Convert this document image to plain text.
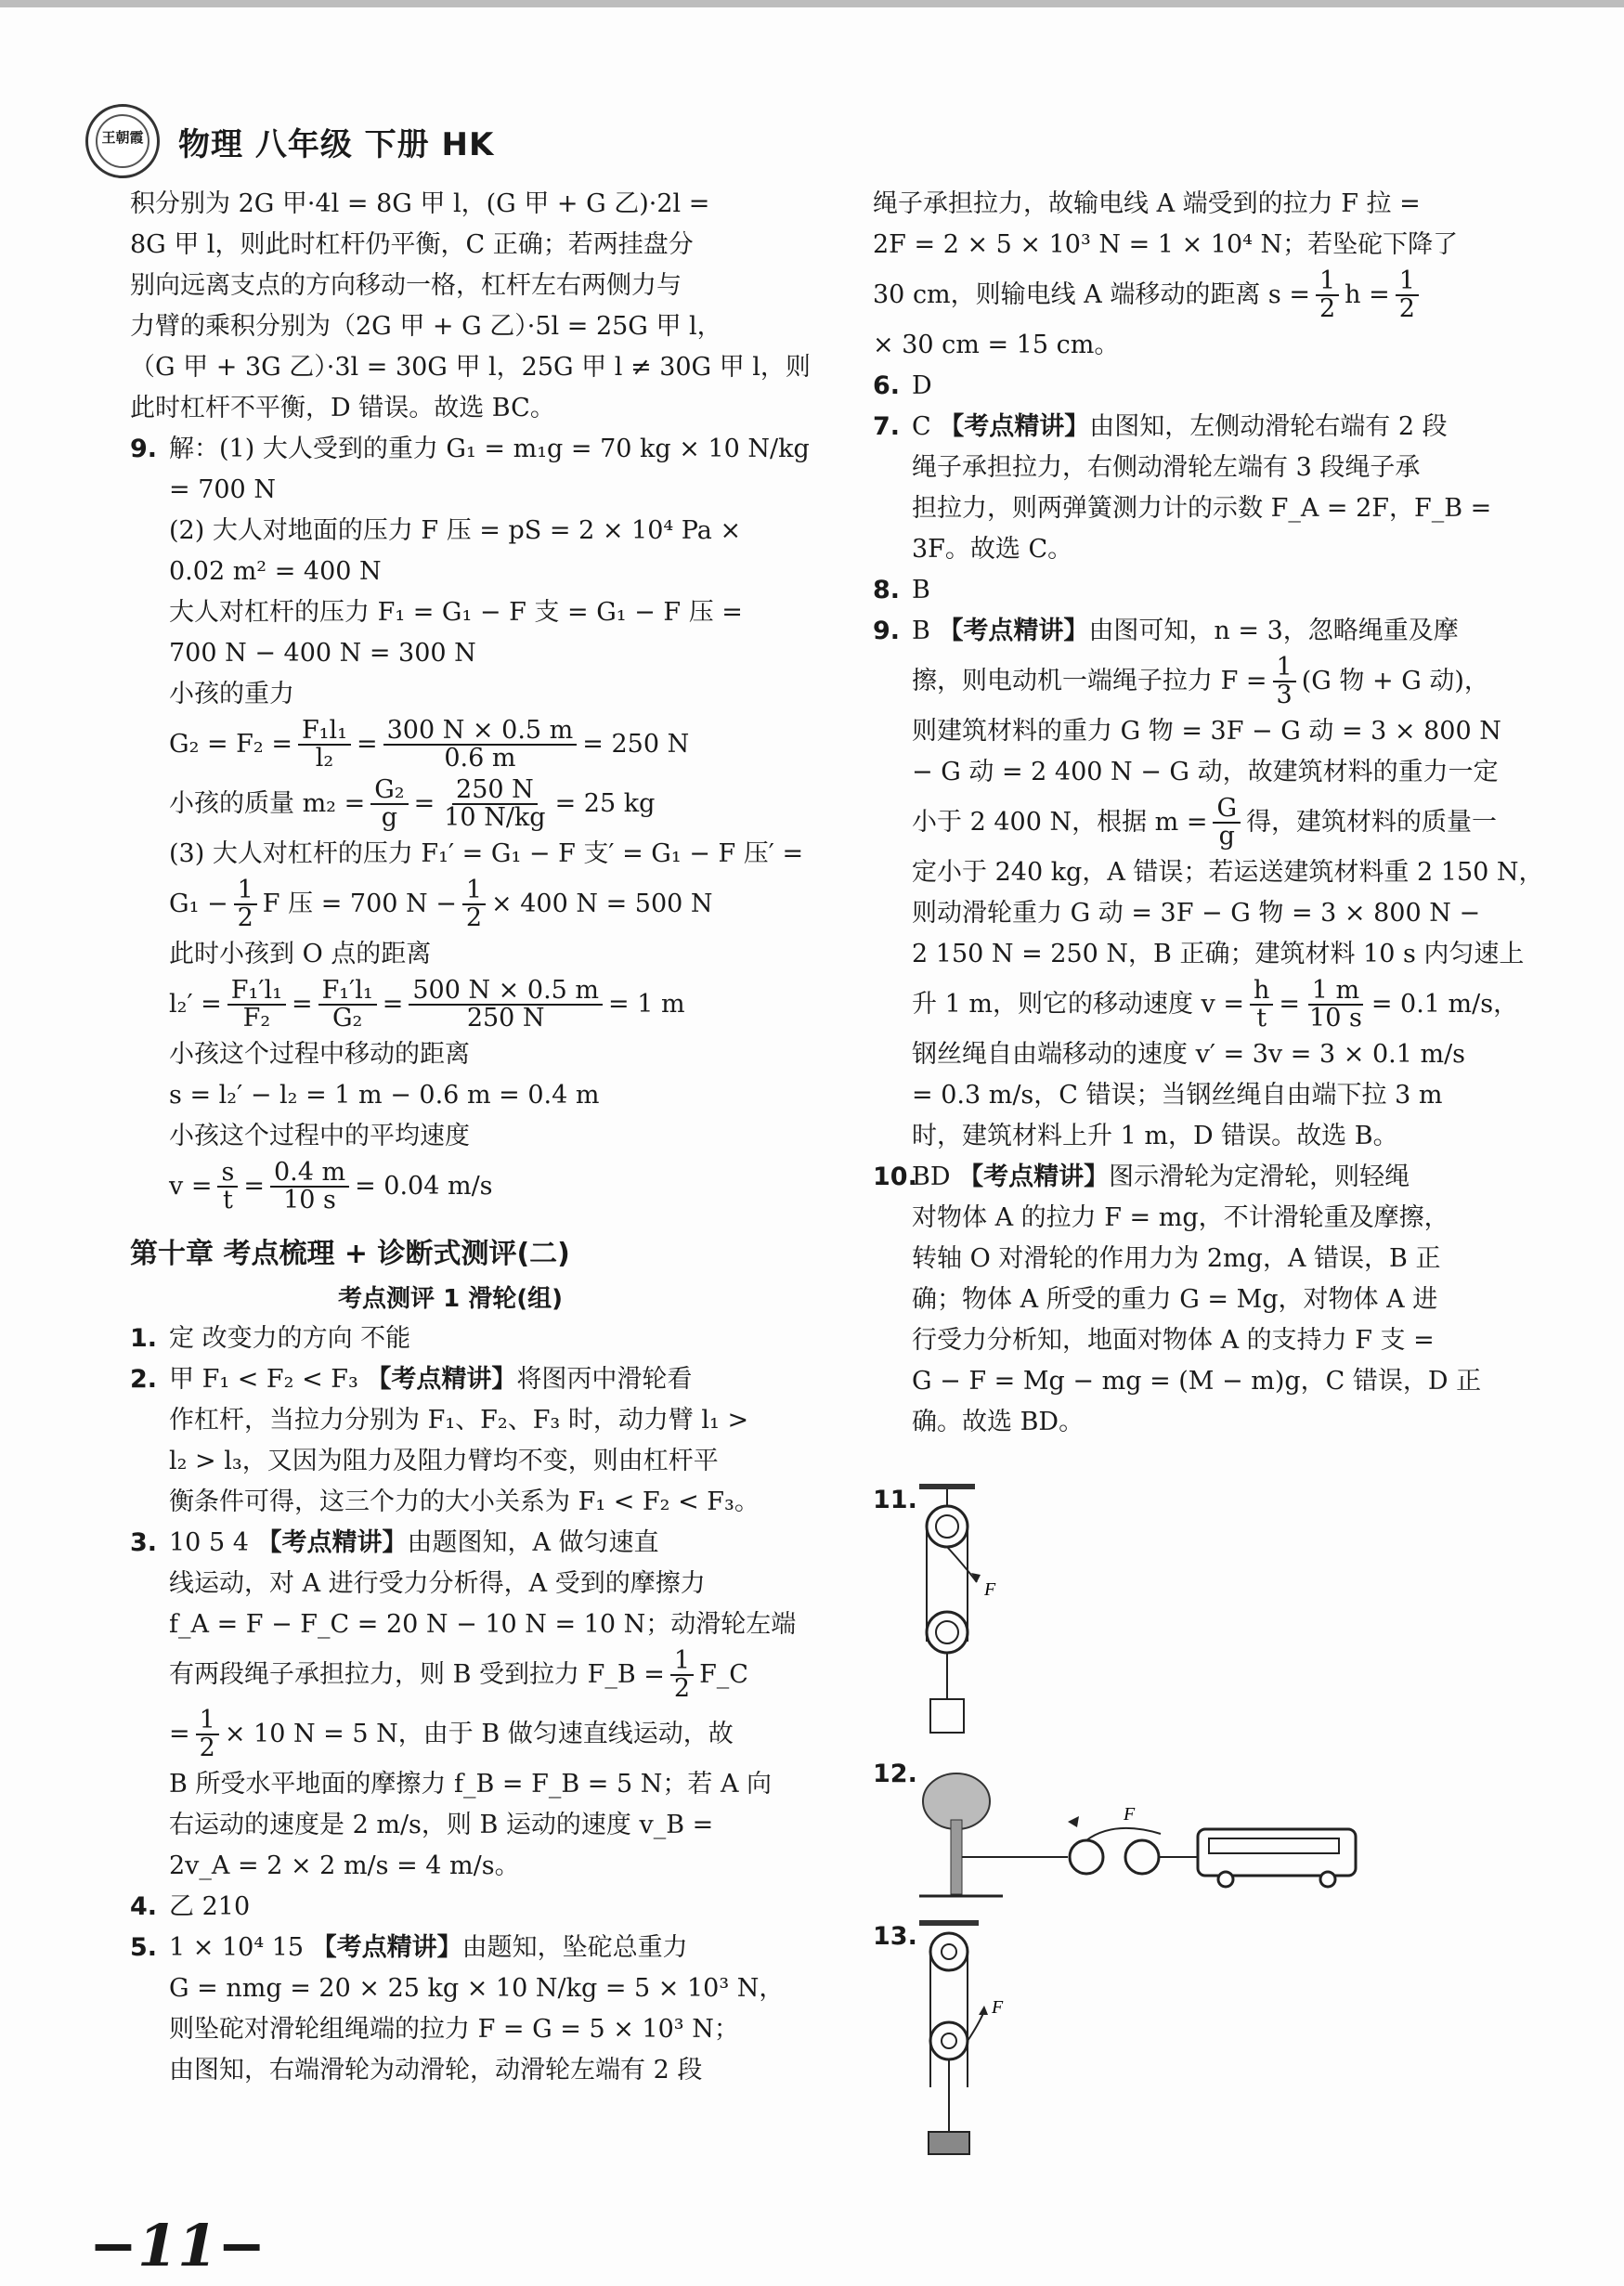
王朝霞	物理 八年级 下册 HK
积分别为 2G 甲·4l = 8G 甲 l，(G 甲 + G 乙)·2l =
8G 甲 l，则此时杠杆仍平衡，C 正确；若两挂盘分
别向远离支点的方向移动一格，杠杆左右两侧力与
力臂的乘积分别为（2G 甲 + G 乙）·5l = 25G 甲 l，
（G 甲 + 3G 乙）·3l = 30G 甲 l，25G 甲 l ≠ 30G 甲 l，则
此时杠杆不平衡，D 错误。故选 BC。
9. 解：(1) 大人受到的重力 G₁ = m₁g = 70 kg × 10 N/kg
= 700 N
(2) 大人对地面的压力 F 压 = pS = 2 × 10⁴ Pa ×
0.02 m² = 400 N
大人对杠杆的压力 F₁ = G₁ − F 支 = G₁ − F 压 =
700 N − 400 N = 300 N
小孩的重力
$G_2 = F_2 = \frac{\text{F₁l₁}}{\text{l₂}} = \frac{300 N \times 0.5 m}{0.6 m} = 250$ N
小孩的质量 $m_2 = \frac{\text{G₂}}{g} = \frac{250 N}{10 N/kg} = 25$ kg
(3) 大人对杠杆的压力 F₁′ = G₁ − F 支′ = G₁ − F 压′ =
$G_1 - \frac{1}{2}$ F 压 = 700 $N - \frac{1}{2} \times 400$ N = 500 N
此时小孩到 O 点的距离
$l_2' = \frac{\text{F₁′l₁}}{\text{F₂}} = \frac{\text{F₁′l₁}}{\text{G₂}} = \frac{500 N \times 0.5 m}{250 N} = 1$ m
小孩这个过程中移动的距离
s = l₂′ − l₂ = 1 m − 0.6 m = 0.4 m
小孩这个过程中的平均速度
$v = \frac{s}{t} = \frac{0.4 m}{10 s} = 0.04$ m/s
第十章 考点梳理 + 诊断式测评(二)
考点测评 1 滑轮(组)
1. 定 改变力的方向 不能
2. 甲 F₁ < F₂ < F₃ 【考点精讲】将图丙中滑轮看
作杠杆，当拉力分别为 F₁、F₂、F₃ 时，动力臂 l₁ >
l₂ > l₃，又因为阻力及阻力臂均不变，则由杠杆平
衡条件可得，这三个力的大小关系为 F₁ < F₂ < F₃。
3. 10 5 4 【考点精讲】由题图知，A 做匀速直
线运动，对 A 进行受力分析得，A 受到的摩擦力
f_A = F − F_C = 20 N − 10 N = 10 N；动滑轮左端
有两段绳子承担拉力，则 B 受到拉力 F_B = $\frac{1}{2}$ F_C
= $\frac{1}{2} \times 10$ N = 5 N，由于 B 做匀速直线运动，故
B 所受水平地面的摩擦力 f_B = F_B = 5 N；若 A 向
右运动的速度是 2 m/s，则 B 运动的速度 v_B =
2v_A = 2 × 2 m/s = 4 m/s。
4. 乙 210
5. 1 × 10⁴ 15 【考点精讲】由题知，坠砣总重力
G = nmg = 20 × 25 kg × 10 N/kg = 5 × 10³ N，
则坠砣对滑轮组绳端的拉力 F = G = 5 × 10³ N；
由图知，右端滑轮为动滑轮，动滑轮左端有 2 段
绳子承担拉力，故输电线 A 端受到的拉力 F 拉 =
2F = 2 × 5 × 10³ N = 1 × 10⁴ N；若坠砣下降了
30 cm，则输电线 A 端移动的距离 $s = \frac{1}{2}$ $h = \frac{1}{2}$
× 30 cm = 15 cm。
6. D
7. C 【考点精讲】由图知，左侧动滑轮右端有 2 段
绳子承担拉力，右侧动滑轮左端有 3 段绳子承
担拉力，则两弹簧测力计的示数 F_A = 2F，F_B =
3F。故选 C。
8. B
9. B 【考点精讲】由图可知，n = 3，忽略绳重及摩
擦，则电动机一端绳子拉力 $F = \frac{1}{3} (G$ 物 + G 动)，
则建筑材料的重力 G 物 = 3F − G 动 = 3 × 800 N
− G 动 = 2 400 N − G 动，故建筑材料的重力一定
小于 2 400 N，根据 $m = \frac{G}{g}$ 得，建筑材料的质量一
定小于 240 kg，A 错误；若运送建筑材料重 2 150 N，
则动滑轮重力 G 动 = 3F − G 物 = 3 × 800 N −
2 150 N = 250 N，B 正确；建筑材料 10 s 内匀速上
升 1 m，则它的移动速度 $v = \frac{h}{t} = \frac{1 m}{10 s} = 0.1$ m/s，
钢丝绳自由端移动的速度 v′ = 3v = 3 × 0.1 m/s
= 0.3 m/s，C 错误；当钢丝绳自由端下拉 3 m
时，建筑材料上升 1 m，D 错误。故选 B。
10.BD 【考点精讲】图示滑轮为定滑轮，则轻绳
对物体 A 的拉力 F = mg，不计滑轮重及摩擦，
转轴 O 对滑轮的作用力为 2mg，A 错误，B 正
确；物体 A 所受的重力 G = Mg，对物体 A 进
行受力分析知，地面对物体 A 的支持力 F 支 =
G − F = Mg − mg = (M − m)g，C 错误，D 正
确。故选 BD。
11.
F
12.
F
13.
F
−11−
